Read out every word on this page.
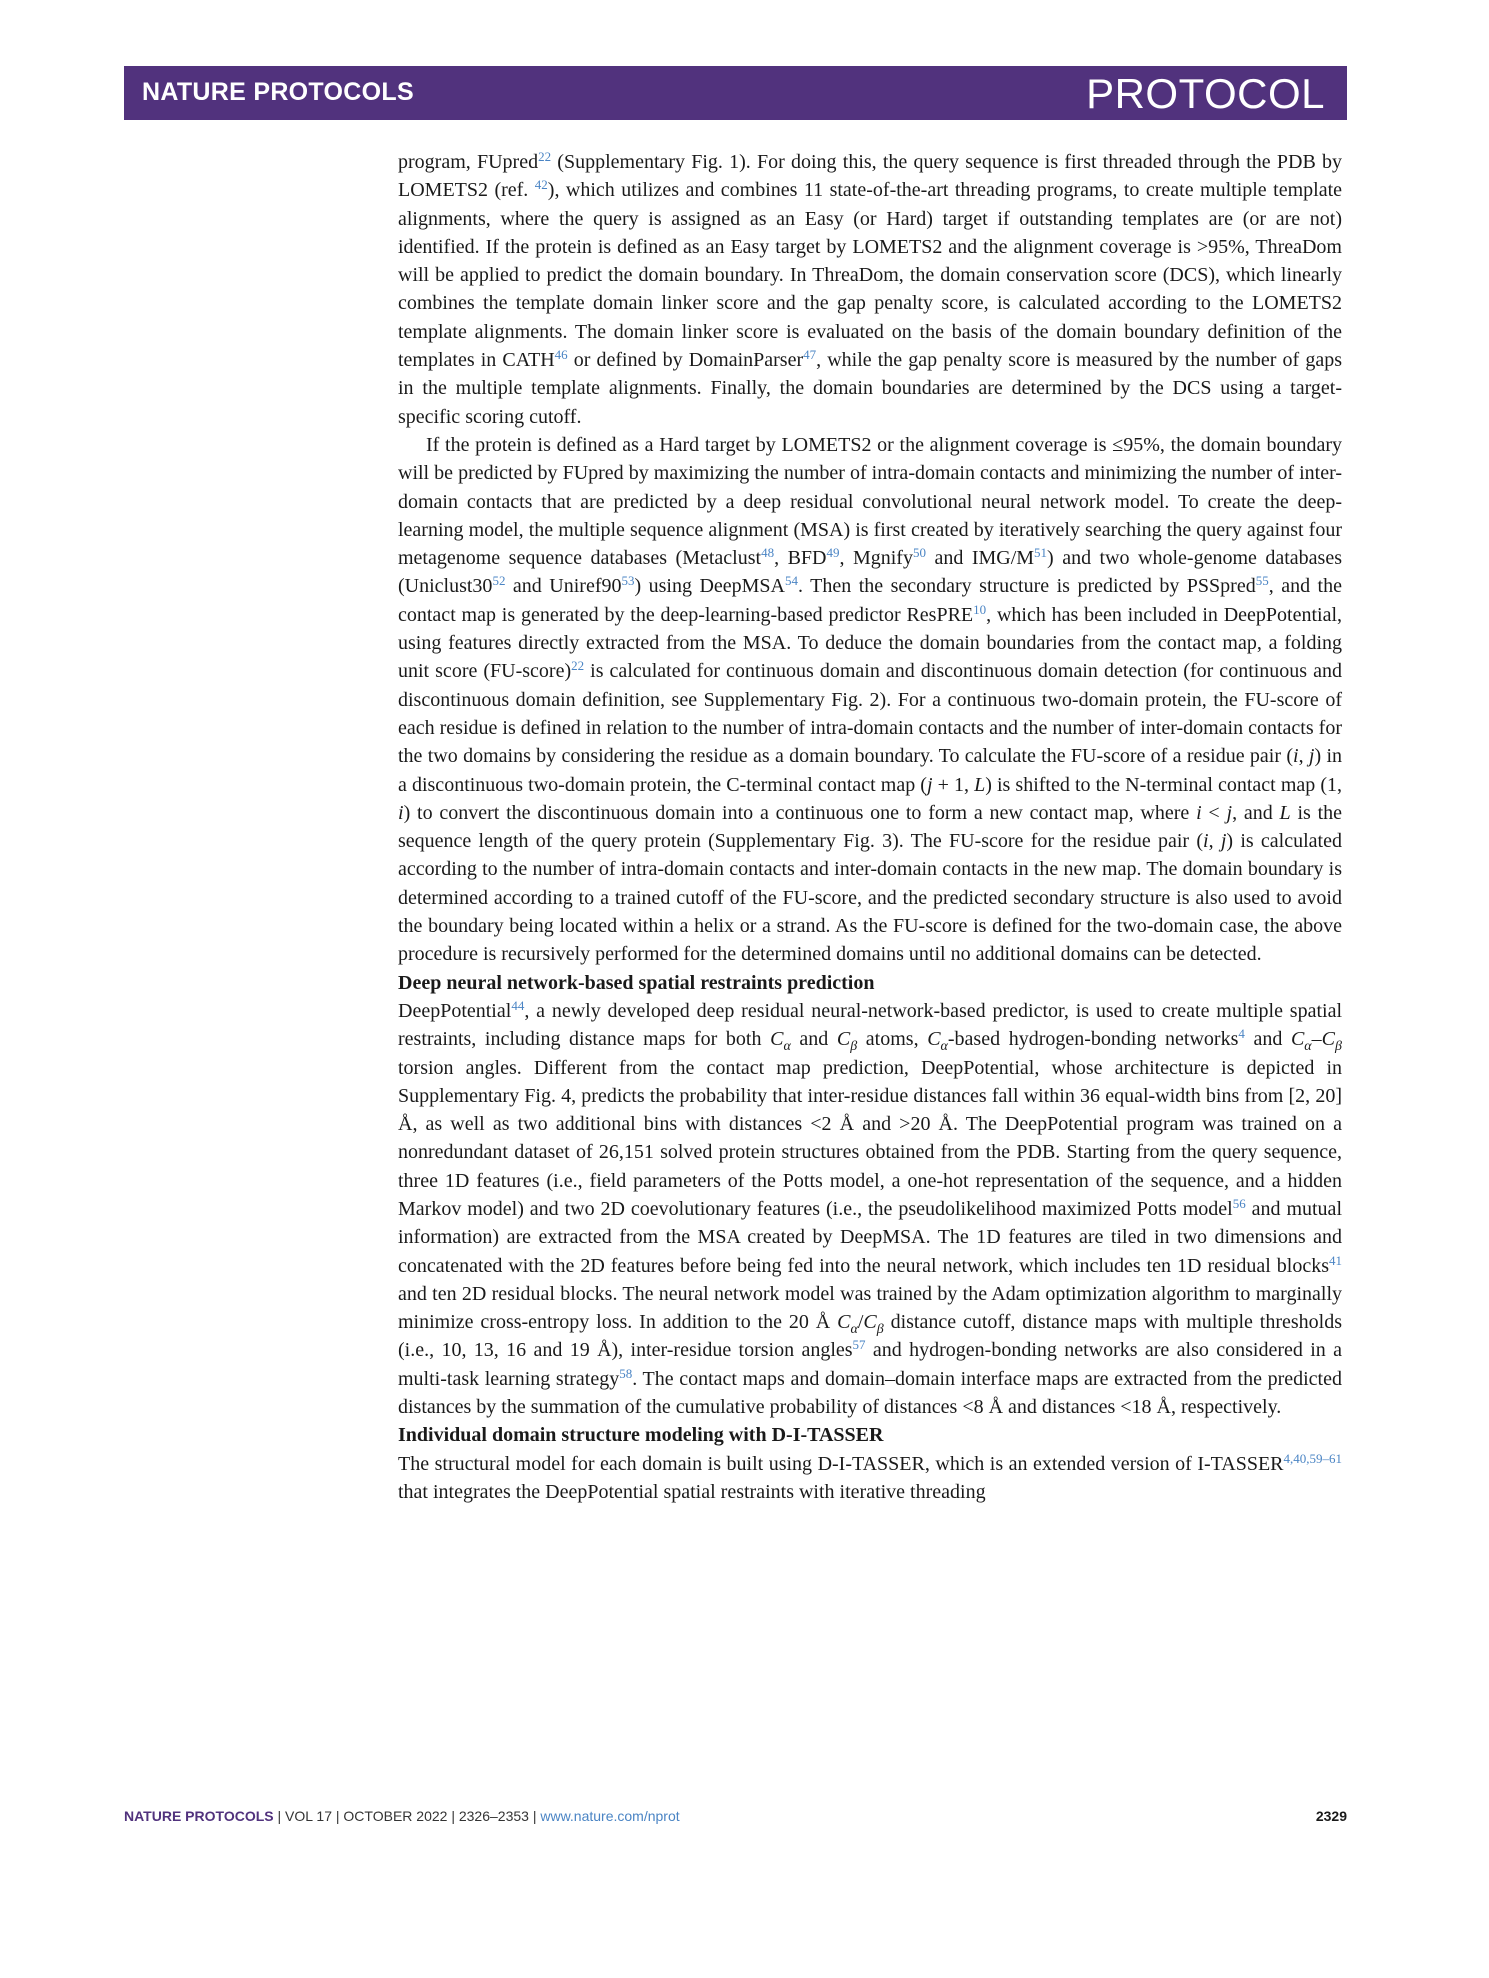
NATURE PROTOCOLS	PROTOCOL

program, FUpred$^{22}$ (Supplementary Fig. 1). For doing this, the query sequence is first threaded through the PDB by LOMETS2 (ref. $^{42}$), which utilizes and combines 11 state-of-the-art threading programs, to create multiple template alignments, where the query is assigned as an Easy (or Hard) target if outstanding templates are (or are not) identified. If the protein is defined as an Easy target by LOMETS2 and the alignment coverage is >95%, ThreaDom will be applied to predict the domain boundary. In ThreaDom, the domain conservation score (DCS), which linearly combines the template domain linker score and the gap penalty score, is calculated according to the LOMETS2 template alignments. The domain linker score is evaluated on the basis of the domain boundary definition of the templates in CATH$^{46}$ or defined by DomainParser$^{47}$, while the gap penalty score is measured by the number of gaps in the multiple template alignments. Finally, the domain boundaries are determined by the DCS using a target-specific scoring cutoff.

If the protein is defined as a Hard target by LOMETS2 or the alignment coverage is ≤95%, the domain boundary will be predicted by FUpred by maximizing the number of intra-domain contacts and minimizing the number of inter-domain contacts that are predicted by a deep residual convolutional neural network model. To create the deep-learning model, the multiple sequence alignment (MSA) is first created by iteratively searching the query against four metagenome sequence databases (Metaclust$^{48}$, BFD$^{49}$, Mgnify$^{50}$ and IMG/M$^{51}$) and two whole-genome databases (Uniclust30$^{52}$ and Uniref90$^{53}$) using DeepMSA$^{54}$. Then the secondary structure is predicted by PSSpred$^{55}$, and the contact map is generated by the deep-learning-based predictor ResPRE$^{10}$, which has been included in DeepPotential, using features directly extracted from the MSA. To deduce the domain boundaries from the contact map, a folding unit score (FU-score)$^{22}$ is calculated for continuous domain and discontinuous domain detection (for continuous and discontinuous domain definition, see Supplementary Fig. 2). For a continuous two-domain protein, the FU-score of each residue is defined in relation to the number of intra-domain contacts and the number of inter-domain contacts for the two domains by considering the residue as a domain boundary. To calculate the FU-score of a residue pair (i, j) in a discontinuous two-domain protein, the C-terminal contact map (j + 1, L) is shifted to the N-terminal contact map (1, i) to convert the discontinuous domain into a continuous one to form a new contact map, where i < j, and L is the sequence length of the query protein (Supplementary Fig. 3). The FU-score for the residue pair (i, j) is calculated according to the number of intra-domain contacts and inter-domain contacts in the new map. The domain boundary is determined according to a trained cutoff of the FU-score, and the predicted secondary structure is also used to avoid the boundary being located within a helix or a strand. As the FU-score is defined for the two-domain case, the above procedure is recursively performed for the determined domains until no additional domains can be detected.

Deep neural network-based spatial restraints prediction

DeepPotential$^{44}$, a newly developed deep residual neural-network-based predictor, is used to create multiple spatial restraints, including distance maps for both $C_\alpha$ and $C_\beta$ atoms, $C_\alpha$-based hydrogen-bonding networks$^4$ and $C_\alpha-C_\beta$ torsion angles. Different from the contact map prediction, DeepPotential, whose architecture is depicted in Supplementary Fig. 4, predicts the probability that inter-residue distances fall within 36 equal-width bins from [2, 20] Å, as well as two additional bins with distances <2 Å and >20 Å. The DeepPotential program was trained on a nonredundant dataset of 26,151 solved protein structures obtained from the PDB. Starting from the query sequence, three 1D features (i.e., field parameters of the Potts model, a one-hot representation of the sequence, and a hidden Markov model) and two 2D coevolutionary features (i.e., the pseudolikelihood maximized Potts model$^{56}$ and mutual information) are extracted from the MSA created by DeepMSA. The 1D features are tiled in two dimensions and concatenated with the 2D features before being fed into the neural network, which includes ten 1D residual blocks$^{41}$ and ten 2D residual blocks. The neural network model was trained by the Adam optimization algorithm to marginally minimize cross-entropy loss. In addition to the 20 Å $C_\alpha/C_\beta$ distance cutoff, distance maps with multiple thresholds (i.e., 10, 13, 16 and 19 Å), inter-residue torsion angles$^{57}$ and hydrogen-bonding networks are also considered in a multi-task learning strategy$^{58}$. The contact maps and domain–domain interface maps are extracted from the predicted distances by the summation of the cumulative probability of distances <8 Å and distances <18 Å, respectively.

Individual domain structure modeling with D-I-TASSER

The structural model for each domain is built using D-I-TASSER, which is an extended version of I-TASSER$^{4,40,59-61}$ that integrates the DeepPotential spatial restraints with iterative threading

NATURE PROTOCOLS | VOL 17 | OCTOBER 2022 | 2326–2353 | www.nature.com/nprot	2329
